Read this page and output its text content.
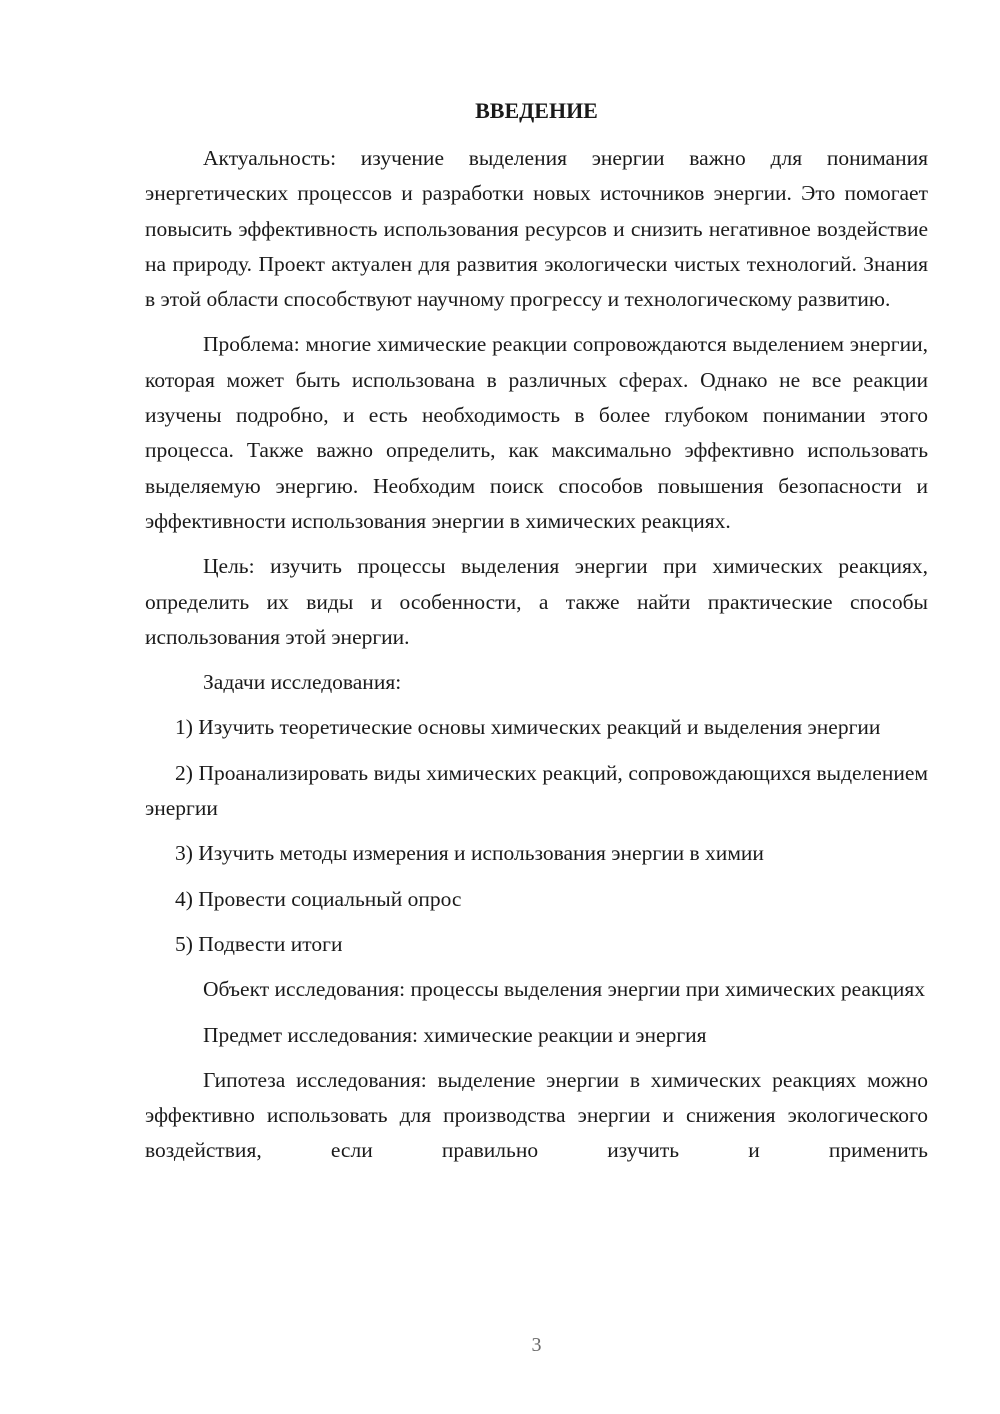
ВВЕДЕНИЕ

Актуальность: изучение выделения энергии важно для понимания энергетических процессов и разработки новых источников энергии. Это помогает повысить эффективность использования ресурсов и снизить негативное воздействие на природу. Проект актуален для развития экологически чистых технологий. Знания в этой области способствуют научному прогрессу и технологическому развитию.

Проблема: многие химические реакции сопровождаются выделением энергии, которая может быть использована в различных сферах. Однако не все реакции изучены подробно, и есть необходимость в более глубоком понимании этого процесса. Также важно определить, как максимально эффективно использовать выделяемую энергию. Необходим поиск способов повышения безопасности и эффективности использования энергии в химических реакциях.

Цель: изучить процессы выделения энергии при химических реакциях, определить их виды и особенности, а также найти практические способы использования этой энергии.

Задачи исследования:

1) Изучить теоретические основы химических реакций и выделения энергии

2) Проанализировать виды химических реакций, сопровождающихся выделением энергии

3) Изучить методы измерения и использования энергии в химии

4) Провести социальный опрос

5) Подвести итоги

Объект исследования: процессы выделения энергии при химических реакциях

Предмет исследования: химические реакции и энергия

Гипотеза исследования: выделение энергии в химических реакциях можно эффективно использовать для производства энергии и снижения экологического воздействия, если правильно изучить и применить

3
